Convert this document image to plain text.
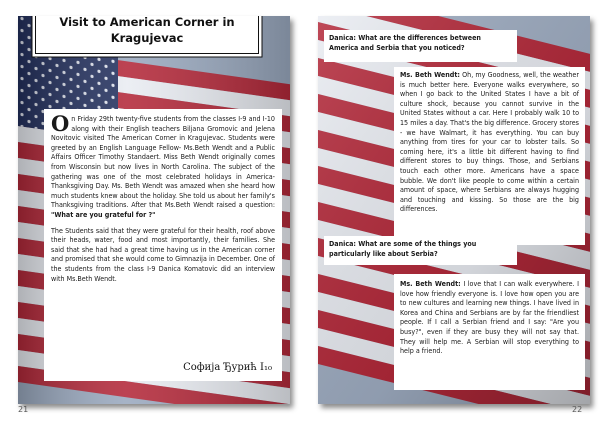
Visit to American Corner in Kragujevac

On Friday 29th twenty-five students from the classes I-9 and I-10 along with their English teachers Biljana Gromovic and Jelena Novitovic visited The American Corner in Kragujevac. Students were greeted by an English Language Fellow- Ms.Beth Wendt and a Public Affairs Officer Timothy Standaert. Miss Beth Wendt originally comes from Wisconsin but now lives in North Carolina. The subject of the gathering was one of the most celebrated holidays in America- Thanksgiving Day. Ms. Beth Wendt was amazed when she heard how much students knew about the holiday. She told us about her family's Thanksgiving traditions. After that Ms.Beth Wendt raised a question: "What are you grateful for ?"

The Students said that they were grateful for their health, roof above their heads, water, food and most importantly, their families. She said that she had had a great time having us in the American corner and promised that she would come to Gimnazija in December. One of the students from the class I-9 Danica Komatovic did an interview with Ms.Beth Wendt.

Софија Ђурић I₁₀
21
Danica: What are the differences between America and Serbia that you noticed?
Ms. Beth Wendt: Oh, my Goodness, well, the weather is much better here. Everyone walks everywhere, so when I go back to the United States I have a bit of culture shock, because you cannot survive in the United States without a car. Here I probably walk 10 to 15 miles a day. That's the big difference. Grocery stores - we have Walmart, it has everything. You can buy anything from tires for your car to lobster tails. So coming here, it's a little bit different having to find different stores to buy things. Those, and Serbians touch each other more. Americans have a space bubble. We don't like people to come within a certain amount of space, where Serbians are always hugging and touching and kissing. So those are the big differences.
Danica: What are some of the things you particularly like about Serbia?
Ms. Beth Wendt: I love that I can walk everywhere. I love how friendly everyone is. I love how open you are to new cultures and learning new things. I have lived in Korea and China and Serbians are by far the friendliest people. If I call a Serbian friend and I say: "Are you busy?", even if they are busy they will not say that. They will help me. A Serbian will stop everything to help a friend.
22
